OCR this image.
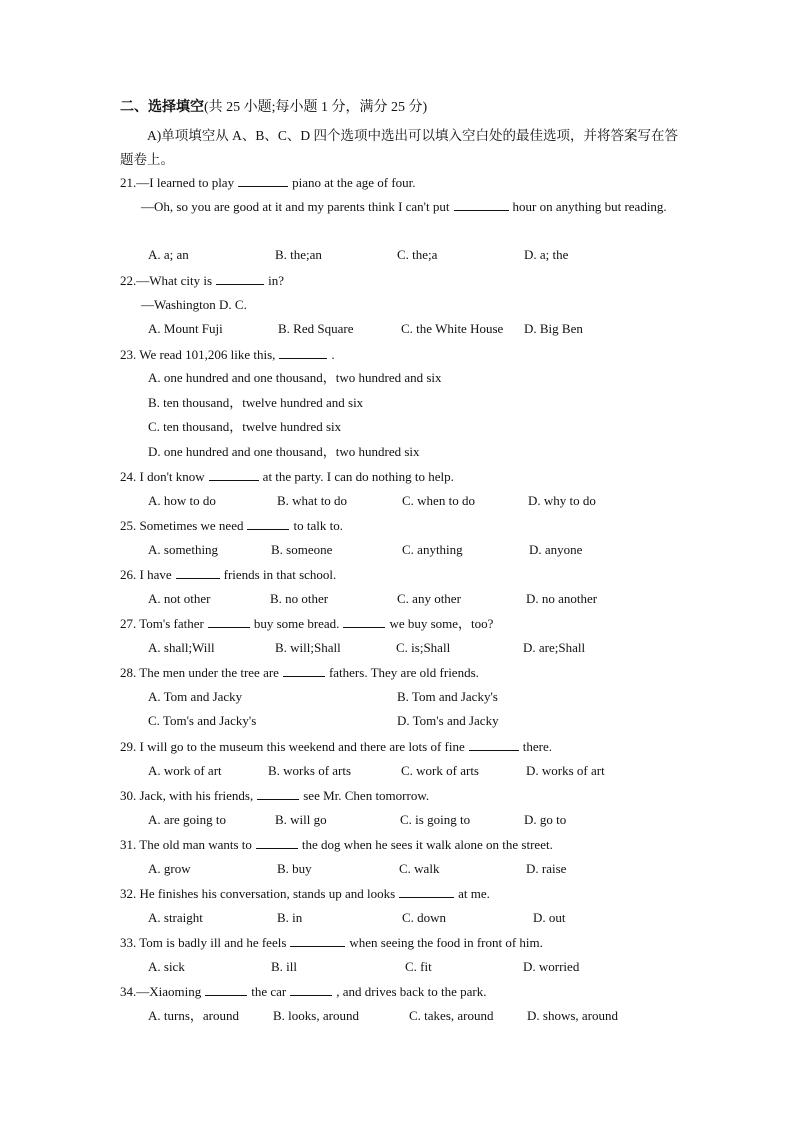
二、选择填空(共 25 小题;每小题 1 分，满分 25 分)
A)单项填空从 A、B、C、D 四个选项中选出可以填入空白处的最佳选项，并将答案写在答题卷上。
21.—I learned to play	piano at the age of four.
—Oh, so you are good at it and my parents think I can't put	hour on anything but reading.
A. a; an	B. the;an	C. the;a	D. a; the
22.—What city is	in?
—Washington D. C.
A. Mount Fuji	B. Red Square	C. the White House D. Big Ben
23. We read 101,206 like this,	.
A. one hundred and one thousand，two hundred and six
B. ten thousand，twelve hundred and six
C. ten thousand，twelve hundred six
D. one hundred and one thousand，two hundred six
24. I don't know	at the party. I can do nothing to help.
A. how to do	B. what to do	C. when to do	D. why to do
25. Sometimes we need	to talk to.
A. something	B. someone	C. anything	D. anyone
26. I have	friends in that school.
A. not other	B. no other	C. any other	D. no another
27. Tom's father	buy some bread.	we buy some，too?
A. shall;Will	B. will;Shall	C. is;Shall	D. are;Shall
28. The men under the tree are	fathers. They are old friends.
A. Tom and Jacky	B. Tom and Jacky's
C. Tom's and Jacky's	D. Tom's and Jacky
29. I will go to the museum this weekend and there are lots of fine	there.
A. work of art	B. works of arts	C. work of arts	D. works of art
30. Jack, with his friends,	see Mr. Chen tomorrow.
A. are going to	B. will go	C. is going to	D. go to
31. The old man wants to	the dog when he sees it walk alone on the street.
A. grow	B. buy	C. walk	D. raise
32. He finishes his conversation, stands up and looks	at me.
A. straight	B. in	C. down	D. out
33. Tom is badly ill and he feels	when seeing the food in front of him.
A. sick	B. ill	C. fit	D. worried
34.—Xiaoming	the car	, and drives back to the park.
A. turns，around	B. looks, around	C. takes, around	D. shows, around
